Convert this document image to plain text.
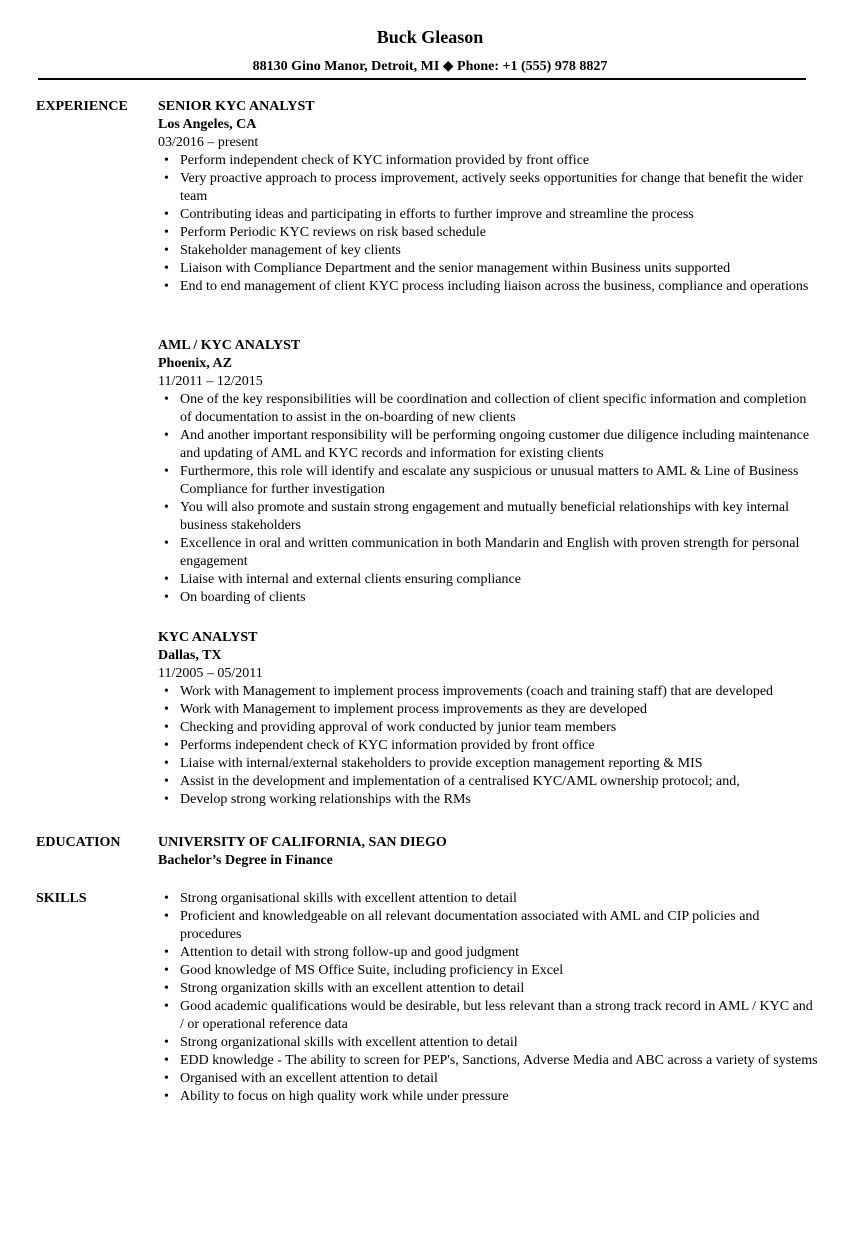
Buck Gleason
88130 Gino Manor, Detroit, MI ◆ Phone: +1 (555) 978 8827
EXPERIENCE SENIOR KYC ANALYST
Los Angeles, CA
03/2016 – present
• Perform independent check of KYC information provided by front office
• Very proactive approach to process improvement, actively seeks opportunities for change that benefit the wider team
• Contributing ideas and participating in efforts to further improve and streamline the process
• Perform Periodic KYC reviews on risk based schedule
• Stakeholder management of key clients
• Liaison with Compliance Department and the senior management within Business units supported
• End to end management of client KYC process including liaison across the business, compliance and operations
AML / KYC ANALYST
Phoenix, AZ
11/2011 – 12/2015
• One of the key responsibilities will be coordination and collection of client specific information and completion of documentation to assist in the on-boarding of new clients
• And another important responsibility will be performing ongoing customer due diligence including maintenance and updating of AML and KYC records and information for existing clients
• Furthermore, this role will identify and escalate any suspicious or unusual matters to AML & Line of Business Compliance for further investigation
• You will also promote and sustain strong engagement and mutually beneficial relationships with key internal business stakeholders
• Excellence in oral and written communication in both Mandarin and English with proven strength for personal engagement
• Liaise with internal and external clients ensuring compliance
• On boarding of clients
KYC ANALYST
Dallas, TX
11/2005 – 05/2011
• Work with Management to implement process improvements (coach and training staff) that are developed
• Work with Management to implement process improvements as they are developed
• Checking and providing approval of work conducted by junior team members
• Performs independent check of KYC information provided by front office
• Liaise with internal/external stakeholders to provide exception management reporting & MIS
• Assist in the development and implementation of a centralised KYC/AML ownership protocol; and,
• Develop strong working relationships with the RMs
EDUCATION	UNIVERSITY OF CALIFORNIA, SAN DIEGO
Bachelor’s Degree in Finance
SKILLS
•	Strong organisational skills with excellent attention to detail
• Proficient and knowledgeable on all relevant documentation associated with AML and CIP policies and procedures
• Attention to detail with strong follow-up and good judgment
• Good knowledge of MS Office Suite, including proficiency in Excel
• Strong organization skills with an excellent attention to detail
• Good academic qualifications would be desirable, but less relevant than a strong track record in AML / KYC and / or operational reference data
• Strong organizational skills with excellent attention to detail
• EDD knowledge - The ability to screen for PEP's, Sanctions, Adverse Media and ABC across a variety of systems
• Organised with an excellent attention to detail
• Ability to focus on high quality work while under pressure
